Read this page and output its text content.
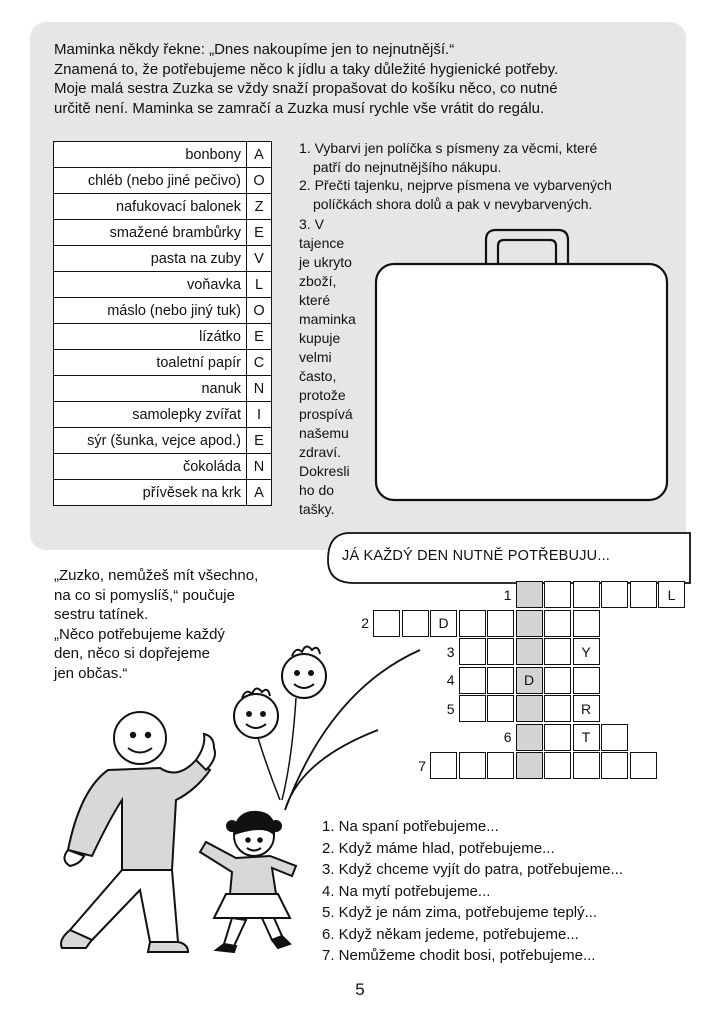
Maminka někdy řekne: „Dnes nakoupíme jen to nejnutnější.“

Znamená to, že potřebujeme něco k jídlu a taky důležité hygienické potřeby.

Moje malá sestra Zuzka se vždy snaží propašovat do košíku něco, co nutné

určitě není. Maminka se zamračí a Zuzka musí rychle vše vrátit do regálu.

bonbony	A
chléb (nebo jiné pečivo)	O
nafukovací balonek	Z
smažené brambůrky	E
pasta na zuby	V
voňavka	L
máslo (nebo jiný tuk)	O
lízátko	E
toaletní papír	C
nanuk	N
samolepky zvířat	I
sýr (šunka, vejce apod.)	E
čokoláda	N
přívěsek na krk	A

1. Vybarvi jen políčka s písmeny za věcmi, které

patří do nejnutnějšího nákupu.

2. Přečti tajenku, nejprve písmena ve vybarvených

políčkách shora dolů a pak v nevybarvených.

3. V tajence
je ukryto
zboží,
které
maminka
kupuje
velmi
často,
protože
prospívá
našemu
zdraví.
Dokresli
ho do
tašky.
JÁ KAŽDÝ DEN NUTNĚ POTŘEBUJU...
1	L
2	D
3	Y
4	D
5	R
6	T
7

„Zuzko, nemůžeš mít všechno,

na co si pomyslíš,“ poučuje

sestru tatínek.

„Něco potřebujeme každý

den, něco si dopřejeme

jen občas.“

1. Na spaní potřebujeme...
2. Když máme hlad, potřebujeme...
3. Když chceme vyjít do patra, potřebujeme...
4. Na mytí potřebujeme...
5. Když je nám zima, potřebujeme teplý...
6. Když někam jedeme, potřebujeme...
7. Nemůžeme chodit bosi, potřebujeme...
5
